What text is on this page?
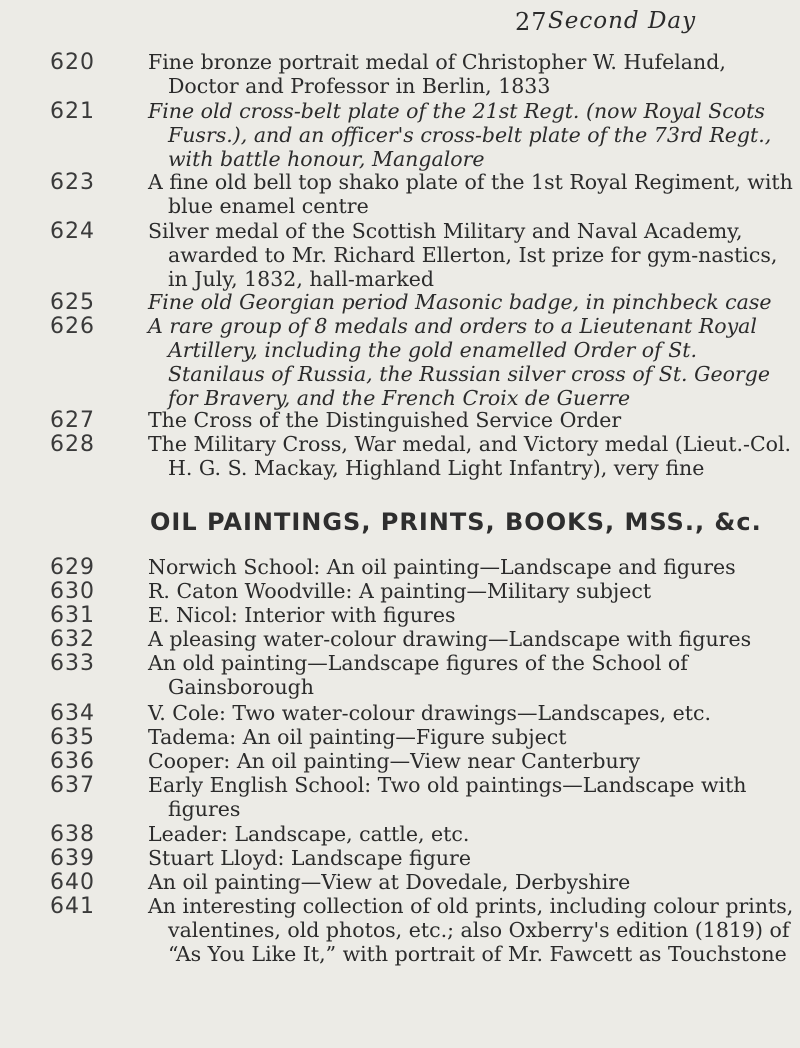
27 Second Day
620	Fine bronze portrait medal of Christopher W. Hufeland, Doctor and Professor in Berlin, 1833

621	Fine old cross-belt plate of the 21st Regt. (now Royal Scots Fusrs.), and an officer's cross-belt plate of the 73rd Regt., with battle honour, Mangalore

623	A fine old bell top shako plate of the 1st Royal Regiment, with blue enamel centre

624	Silver medal of the Scottish Military and Naval Academy, awarded to Mr. Richard Ellerton, Ist prize for gym-nastics, in July, 1832, hall-marked

625	Fine old Georgian period Masonic badge, in pinchbeck case

626	A rare group of 8 medals and orders to a Lieutenant Royal Artillery, including the gold enamelled Order of St. Stanilaus of Russia, the Russian silver cross of St. George for Bravery, and the French Croix de Guerre

627	The Cross of the Distinguished Service Order

628	The Military Cross, War medal, and Victory medal (Lieut.-Col. H. G. S. Mackay, Highland Light Infantry), very fine

OIL PAINTINGS, PRINTS, BOOKS, MSS., &c.
629	Norwich School: An oil painting—Landscape and figures

630	R. Caton Woodville: A painting—Military subject

631	E. Nicol: Interior with figures

632	A pleasing water-colour drawing—Landscape with figures

633	An old painting—Landscape figures of the School of Gainsborough

634	V. Cole: Two water-colour drawings—Landscapes, etc.

635	Tadema: An oil painting—Figure subject

636	Cooper: An oil painting—View near Canterbury

637	Early English School: Two old paintings—Landscape with figures

638	Leader: Landscape, cattle, etc.

639	Stuart Lloyd: Landscape figure

640	An oil painting—View at Dovedale, Derbyshire

641	An interesting collection of old prints, including colour prints, valentines, old photos, etc.; also Oxberry's edition (1819) of “As You Like It,” with portrait of Mr. Fawcett as Touchstone
